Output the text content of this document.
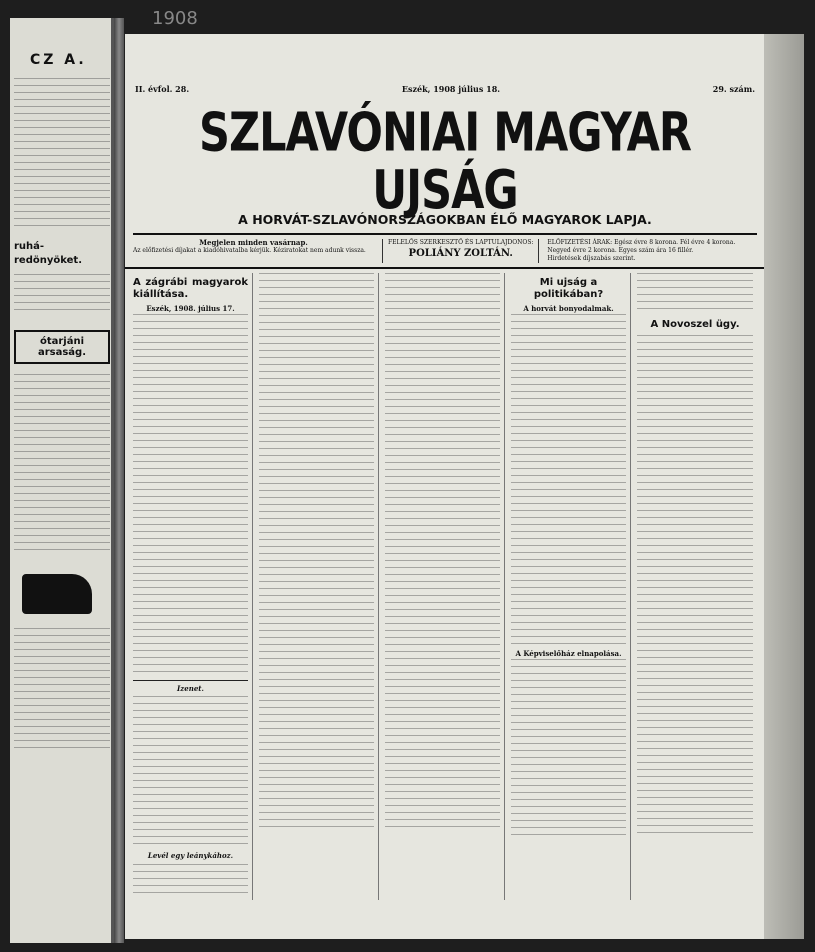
1908
CZ A.
ruhá-redönyöket.
ótarjáni arsaság.
II. évfol. 28.	Eszék, 1908 július 18.	29. szám.
SZLAVÓNIAI MAGYAR UJSÁG
A HORVÁT-SZLAVÓNORSZÁGOKBAN ÉLŐ MAGYAROK LAPJA.
Megjelen minden vasárnap.
Az előfizetési díjakat a kiadóhivatalba kérjük. Kéziratokat nem adunk vissza.
FELELŐS SZERKESZTŐ ÉS LAPTULAJDONOS:
POLIÁNY ZOLTÁN.
ELŐFIZETÉSI ÁRAK: Egész évre 8 korona. Fél évre 4 korona. Negyed évre 2 korona. Egyes szám ára 16 fillér.
Hirdetések díjszabás szerint.
A zágrábi magyarok kiállítása.
Eszék, 1908. július 17.
Izenet.
Levél egy leánykához.
Mi ujság a politikában?
A horvát bonyodalmak.
A Képviselőház elnapolása.
A Novoszel ügy.
